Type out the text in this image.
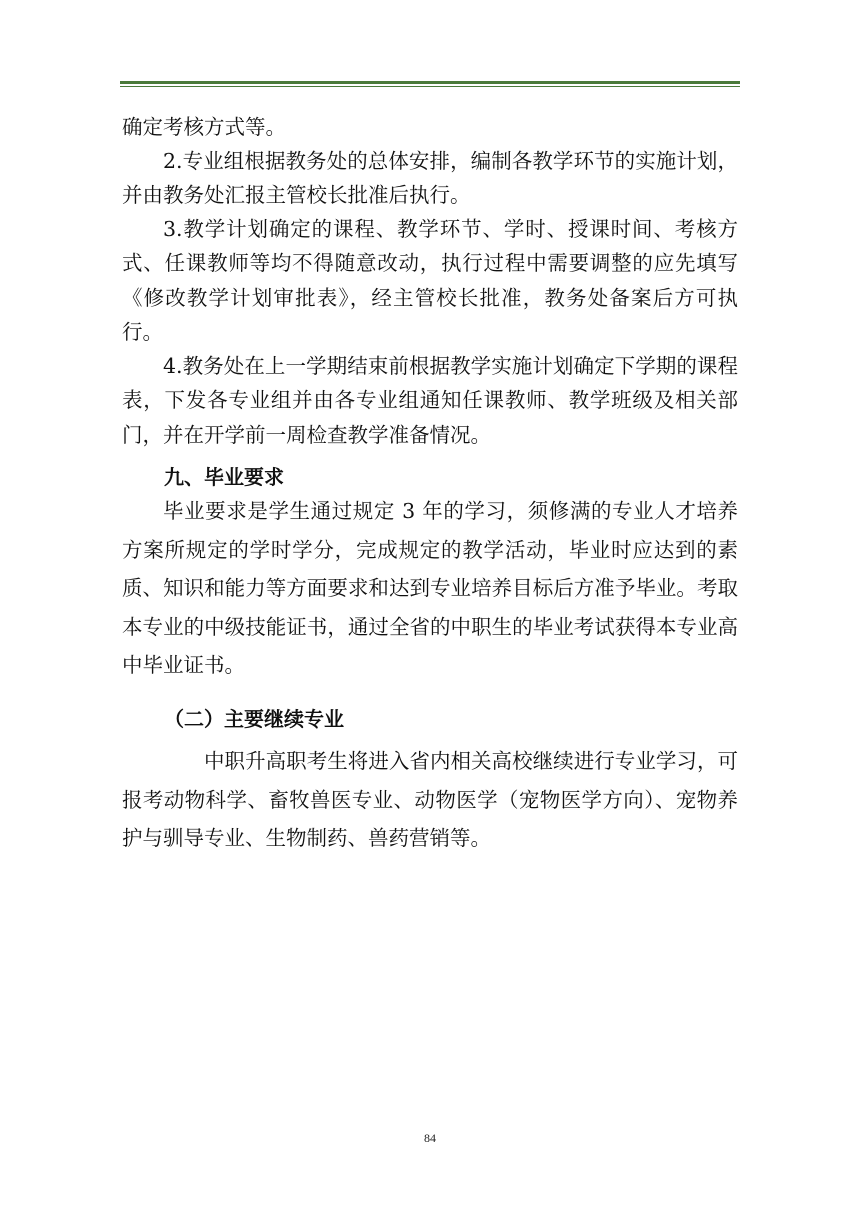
确定考核方式等。

2.专业组根据教务处的总体安排，编制各教学环节的实施计划，并由教务处汇报主管校长批准后执行。

3.教学计划确定的课程、教学环节、学时、授课时间、考核方式、任课教师等均不得随意改动，执行过程中需要调整的应先填写《修改教学计划审批表》，经主管校长批准，教务处备案后方可执行。

4.教务处在上一学期结束前根据教学实施计划确定下学期的课程表，下发各专业组并由各专业组通知任课教师、教学班级及相关部门，并在开学前一周检查教学准备情况。

九、毕业要求

毕业要求是学生通过规定 3 年的学习，须修满的专业人才培养方案所规定的学时学分，完成规定的教学活动，毕业时应达到的素质、知识和能力等方面要求和达到专业培养目标后方准予毕业。考取本专业的中级技能证书，通过全省的中职生的毕业考试获得本专业高中毕业证书。

（二）主要继续专业

中职升高职考生将进入省内相关高校继续进行专业学习，可报考动物科学、畜牧兽医专业、动物医学（宠物医学方向）、宠物养护与驯导专业、生物制药、兽药营销等。

84
